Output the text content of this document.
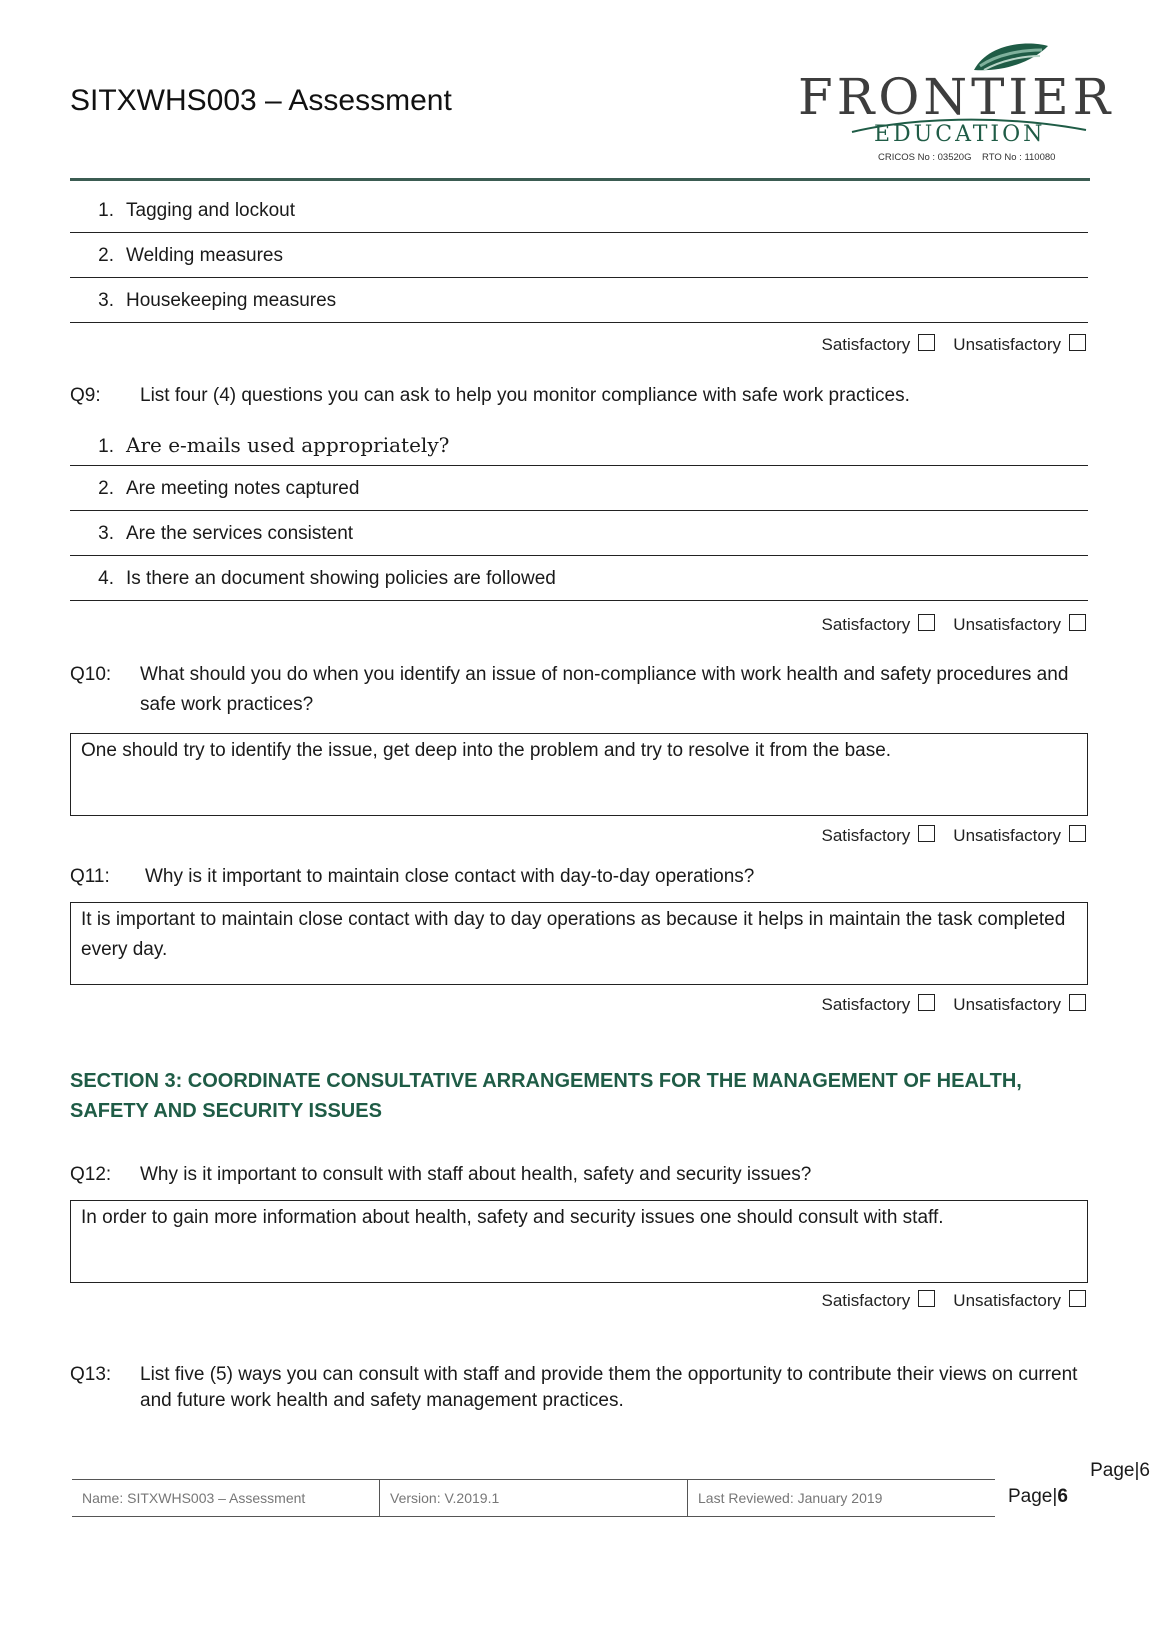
SITXWHS003 – Assessment	FRONTIER
EDUCATION
CRICOS No : 03520G RTO No : 110080
1. Tagging and lockout
2. Welding measures
3. Housekeeping measures
Satisfactory	Unsatisfactory
Q9: List four (4) questions you can ask to help you monitor compliance with safe work practices.
1. Are e-mails used appropriately?
2. Are meeting notes captured
3. Are the services consistent
4. Is there an document showing policies are followed
Satisfactory	Unsatisfactory
Q10: What should you do when you identify an issue of non-compliance with work health and safety procedures and safe work practices?
One should try to identify the issue, get deep into the problem and try to resolve it from the base.
Satisfactory	Unsatisfactory
Q11: Why is it important to maintain close contact with day-to-day operations?
It is important to maintain close contact with day to day operations as because it helps in maintain the task completed every day.
Satisfactory	Unsatisfactory
SECTION 3: COORDINATE CONSULTATIVE ARRANGEMENTS FOR THE MANAGEMENT OF HEALTH, SAFETY AND SECURITY ISSUES
Q12: Why is it important to consult with staff about health, safety and security issues?
In order to gain more information about health, safety and security issues one should consult with staff.
Satisfactory	Unsatisfactory
Q13: List five (5) ways you can consult with staff and provide them the opportunity to contribute their views on current and future work health and safety management practices.
Page|6
Name: SITXWHS003 – Assessment	Version: V.2019.1	Last Reviewed: January 2019	Page|6
